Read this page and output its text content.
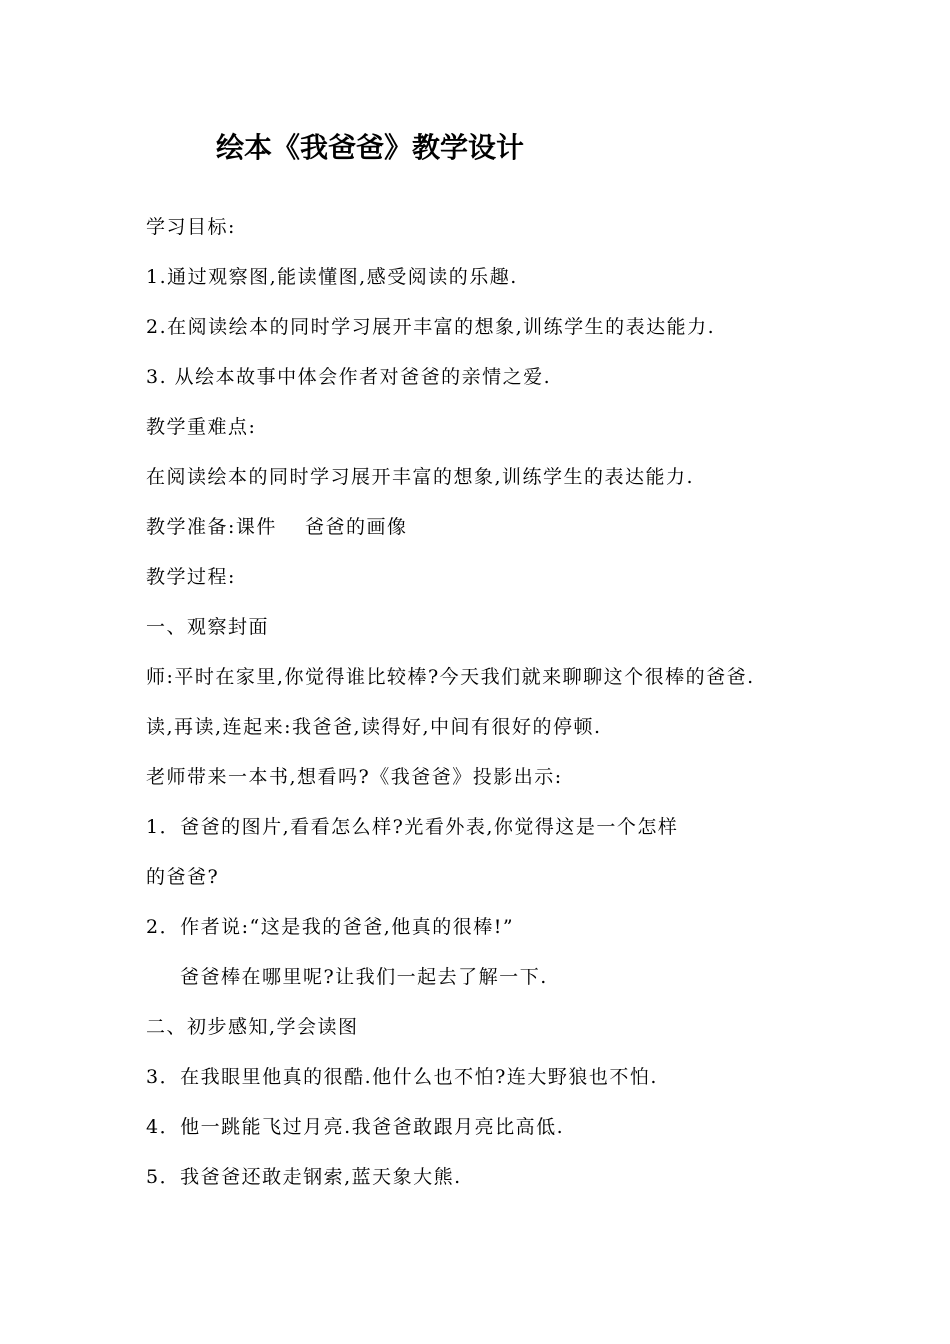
绘本《我爸爸》教学设计
学习目标:
1.通过观察图,能读懂图,感受阅读的乐趣.
2.在阅读绘本的同时学习展开丰富的想象,训练学生的表达能力.
3. 从绘本故事中体会作者对爸爸的亲情之爱.
教学重难点:
在阅读绘本的同时学习展开丰富的想象,训练学生的表达能力.
教学准备:课件　 爸爸的画像
教学过程:
一、观察封面
师:平时在家里,你觉得谁比较棒?今天我们就来聊聊这个很棒的爸爸.
读,再读,连起来:我爸爸,读得好,中间有很好的停顿.
老师带来一本书,想看吗?《我爸爸》投影出示:
1．爸爸的图片,看看怎么样?光看外表,你觉得这是一个怎样
的爸爸?
2．作者说:“这是我的爸爸,他真的很棒!”
爸爸棒在哪里呢?让我们一起去了解一下.
二、初步感知,学会读图
3．在我眼里他真的很酷.他什么也不怕?连大野狼也不怕.
4．他一跳能飞过月亮.我爸爸敢跟月亮比高低.
5．我爸爸还敢走钢索,蓝天象大熊.
